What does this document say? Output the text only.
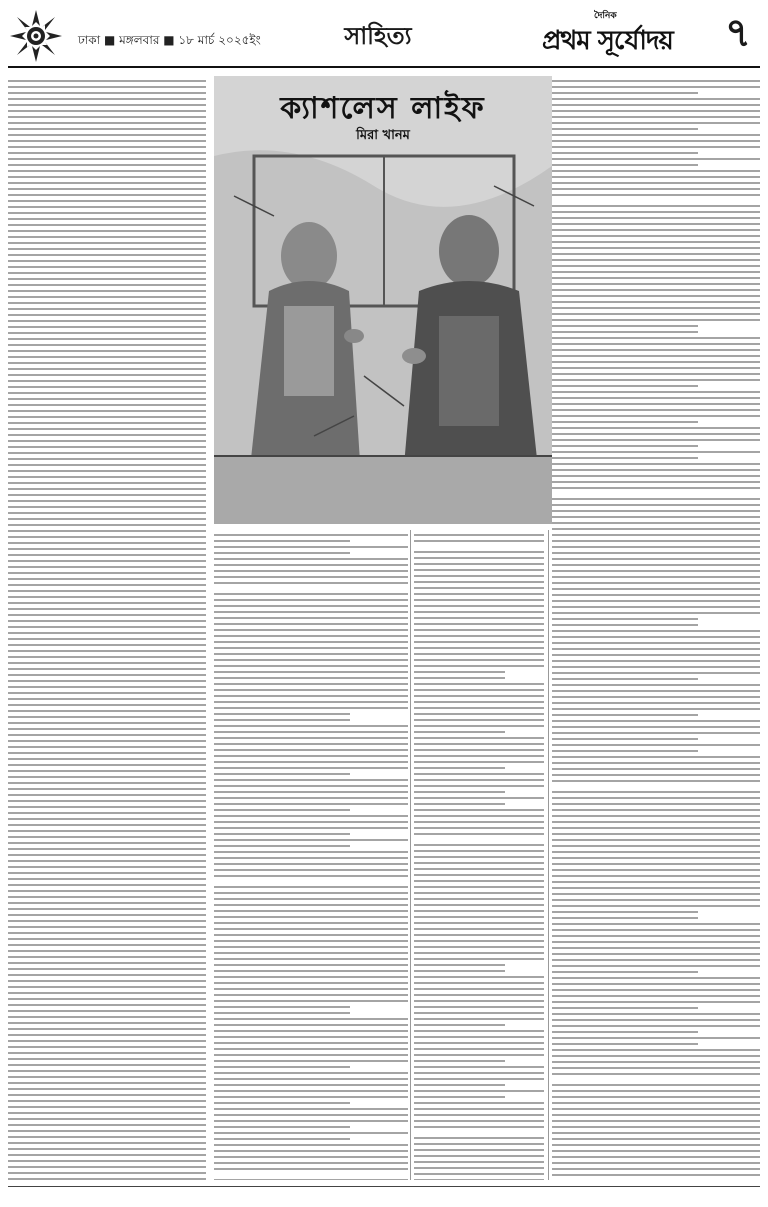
ঢাকা ■ মঙ্গলবার ■ ১৮ মার্চ ২০২৫ইং	সাহিত্য
দৈনিক
প্রথম সূর্যোদয় ৭
ক্যাশলেস লাইফ
মিরা খানম
